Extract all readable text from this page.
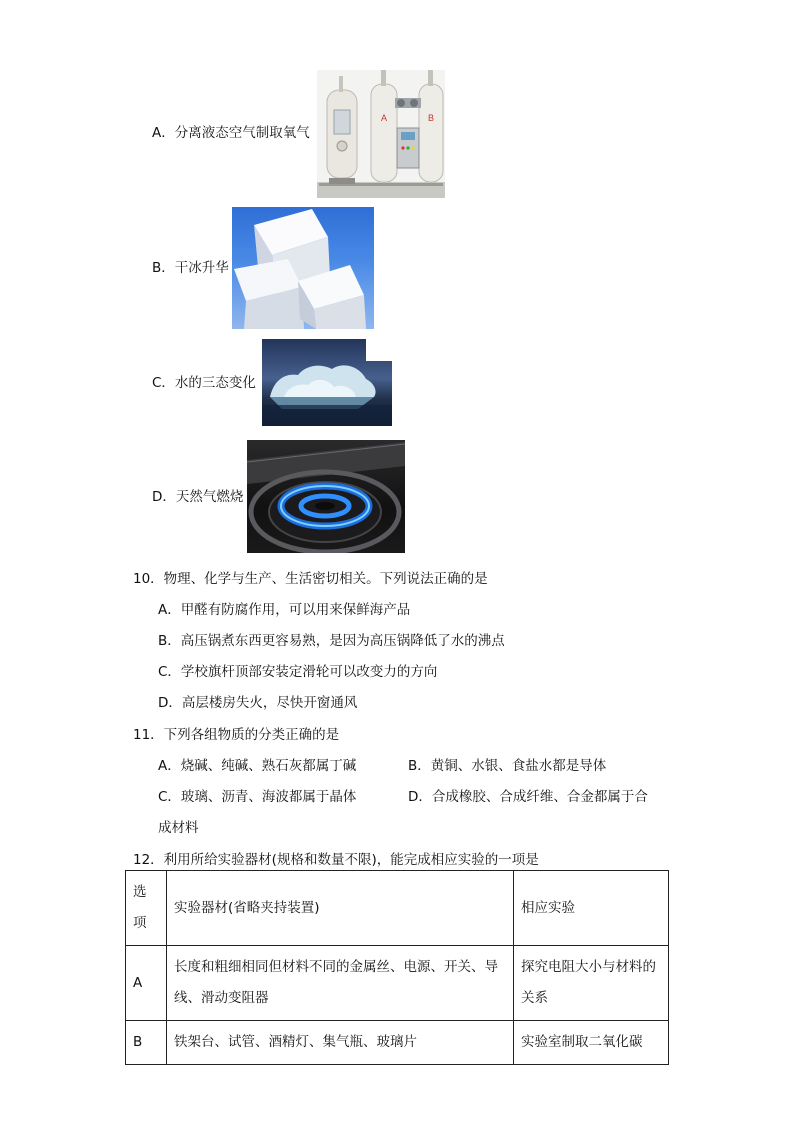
A．分离液态空气制取氧气
A	B
B．干冰升华
C．水的三态变化
D．天然气燃烧
10．物理、化学与生产、生活密切相关。下列说法正确的是
A．甲醛有防腐作用，可以用来保鲜海产品
B．高压锅煮东西更容易熟，是因为高压锅降低了水的沸点
C．学校旗杆顶部安装定滑轮可以改变力的方向
D．高层楼房失火，尽快开窗通风
11．下列各组物质的分类正确的是
A．烧碱、纯碱、熟石灰都属丁碱	B．黄铜、水银、食盐水都是导体
C．玻璃、沥青、海波都属于晶体	D．合成橡胶、合成纤维、合金都属于合
成材料
12．利用所给实验器材(规格和数量不限)，能完成相应实验的一项是
选项	实验器材(省略夹持装置)	相应实验
A	长度和粗细相同但材料不同的金属丝、电源、开关、导线、滑动变阻器	探究电阻大小与材料的关系
B	铁架台、试管、酒精灯、集气瓶、玻璃片	实验室制取二氧化碳
